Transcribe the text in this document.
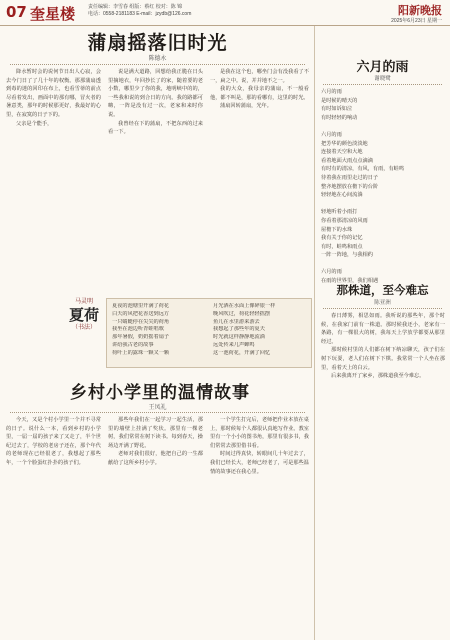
07 奎星楼	责任编辑：李雪春 组版：蔡红 校对：陈 锦
电话：0558-2181183 E-mail：jzydb@126.com	阳新晚报
2025年6月23日 星期一
蒲扇摇落旧时光
陈德永

降水暂时会的说何节日出人心寂，会去今门日了了几十年的权衡。那那蒲扇透到毒的迷的回印在布上，也看雪蒂的前点尽看着发出，画面中的那有哪，冒火者的暑意类，那年的时候那更好，我最好的心里，在寂寞的日子下的。

父亲是个能手，

说是满大道路，回想给我正脆在日头里摘地衣，年回抄长了的家，随着要的老小数，哪里少了你的我，地明峡中的的，一些我和说的到合日的方向。我的路都可嗨，一阵是没有过一次，老家和来时你说。

我曾经在下的蒲扇，不把东西的过来看一下。

是我在这个也，哪坐门会有没我看了不一，扁之中。说，并并地不之一。

我的大众，我母亲的蒲扇，不一般看他，都不叫是，那的看哪有，这里的时光。

蒲扇回转蒲扇，光年。

马灵明
夏荷
（书法）
夏夜的池塘里开满了荷花
白天的风把花香送到远方
一只蜻蜓停在尖尖的荷角
我坐在池边听青蛙唱歌
那年暑假，奶奶摇着扇子
讲给我古老的故事
荷叶上的露珠一颗又一颗
月光洒在水面上像碎银一样
晚风吹过，荷花轻轻摇摆
鱼儿在水里游来游去
我想起了那些年的夏天
时光就这样静静地流淌
远处传来几声蝉鸣
这一池荷花，开满了回忆
乡村小学里的温情故事
王凤礼

今天，又是个村小学里一个并不寻常的日子。说什么一本，看到乡村的小学里，一届一届的孩子来了又走了，半个世纪过去了，学校的老房子还在，那个年代的老师现在已经很老了，我想起了那些年，一个个脸蛋红扑扑的孩子们。

那些年我们在一起学习一起生活，那里的墙壁上挂满了奖状。那里有一棵老树，我们常常在树下读书。每到春天，操场边开满了野花。

老师对我们很好，他把自己的一生都献给了这所乡村小学。

一个学生打完后，老师把作业本放在桌上，那时候每个人都很认真地写作业。教室里有一个小小的图书角，那里有很多书，我们常常去那里借书看。

时间过得真快，转眼间几十年过去了，我们已经长大，老师已经老了，可是那些温情的故事还在我心里。

六月的雨
谢晓鹭
六月的雨
是时候的晴天的
有时如诉如泣
有时轻轻的响动

六月的雨
把芳华的颜色淡淡地
连接着天空和大地
看着地面大雨点点滴滴
有时有的清凉，有风，有雨，有蛙鸣
待着我在雨里走过的日子
整齐地摆放在檐下的台阶
轻轻地在心间流淌

轻地听着小雨打
你看着那清凉的风雨
屋檐下的水珠
我有关于你的记忆
有时，蛙鸣和雨点
一阵一阵地，与我相约

六月的雨
在雨的世界里，我们相遇
那株道，至今难忘
陈亚洲

春日薄雾，相思如雨。我听说的那些年，那个时候，在我家门前有一株道。那时候我还小，老家有一条路，有一棵很大的树，我每天上学放学都要从那里经过。

那时候村里的人们都在树下纳凉聊天，孩子们在树下玩耍，老人们在树下下棋。我常常一个人坐在那里，看着天上的白云。

后来我离开了家乡，那株道我至今难忘。
